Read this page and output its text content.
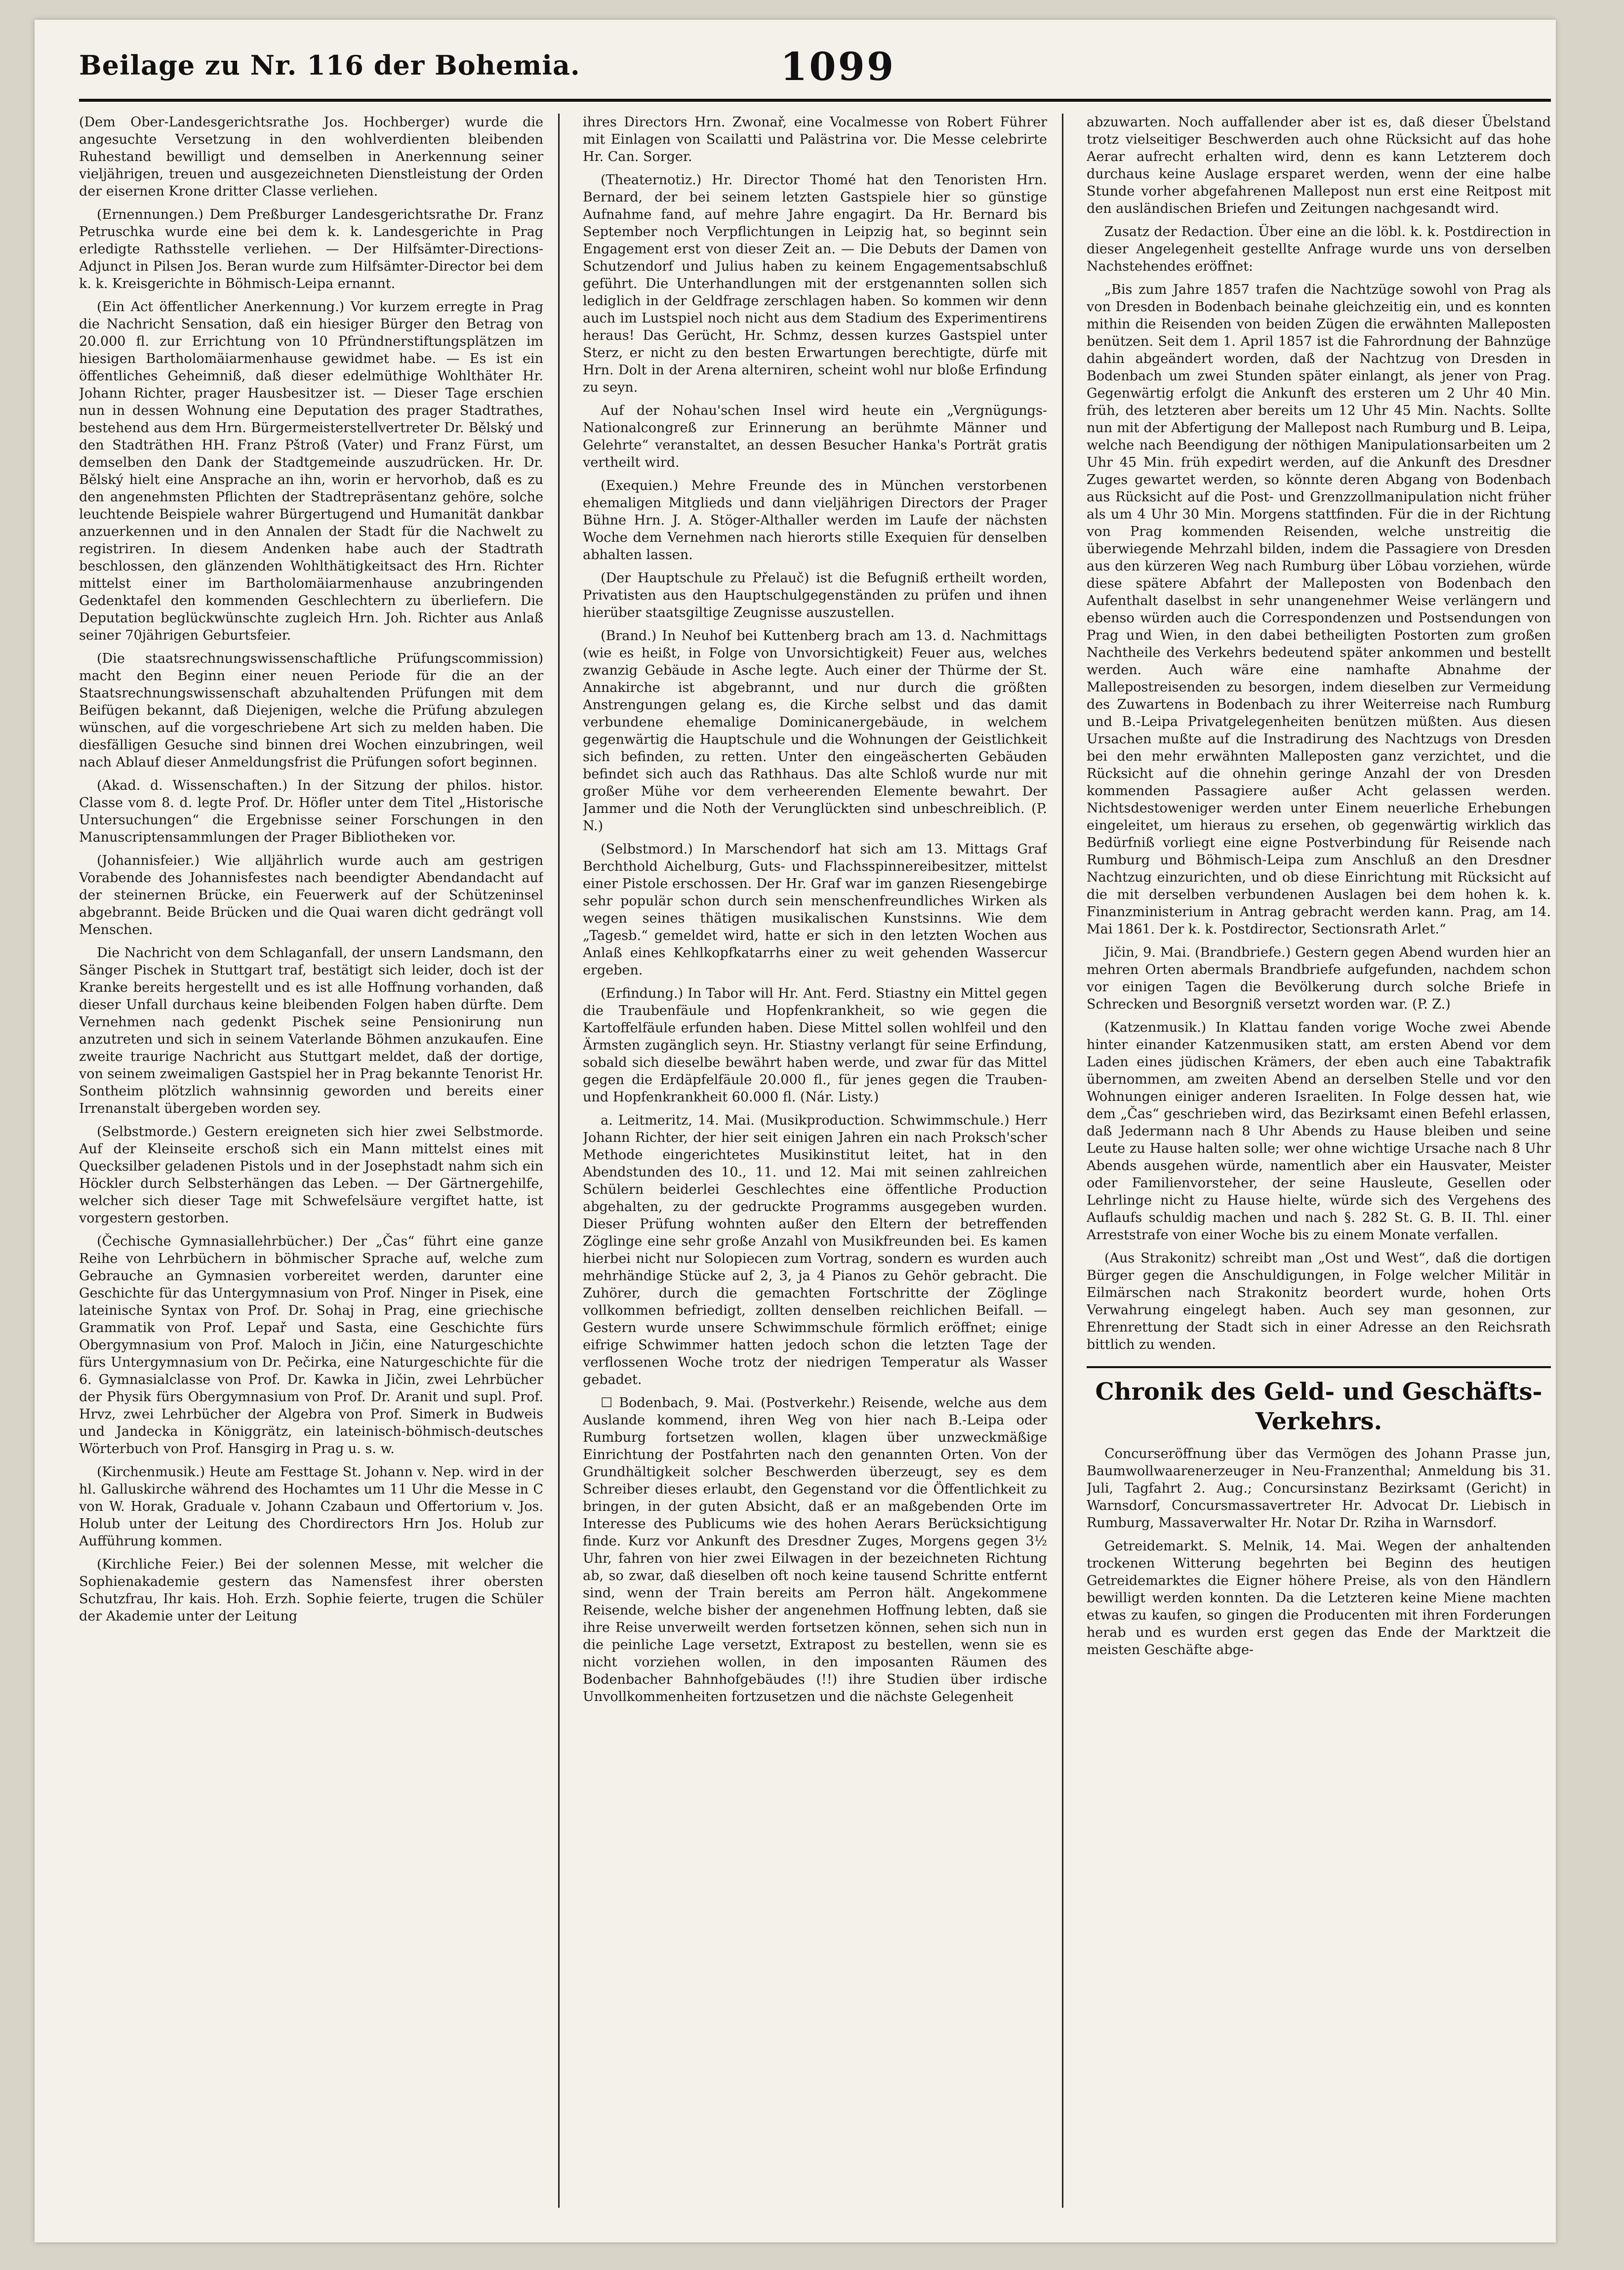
Beilage zu Nr. 116 der Bohemia.	1099

(Dem Ober-Landesgerichtsrathe Jos. Hochberger) wurde die angesuchte Versetzung in den wohlverdienten bleibenden Ruhestand bewilligt und demselben in Anerkennung seiner vieljährigen, treuen und ausgezeichneten Dienstleistung der Orden der eisernen Krone dritter Classe verliehen.

(Ernennungen.) Dem Preßburger Landesgerichtsrathe Dr. Franz Petruschka wurde eine bei dem k. k. Landesgerichte in Prag erledigte Rathsstelle verliehen. — Der Hilfsämter-Directions-Adjunct in Pilsen Jos. Beran wurde zum Hilfsämter-Director bei dem k. k. Kreisgerichte in Böhmisch-Leipa ernannt.

(Ein Act öffentlicher Anerkennung.) Vor kurzem erregte in Prag die Nachricht Sensation, daß ein hiesiger Bürger den Betrag von 20.000 fl. zur Errichtung von 10 Pfründnerstiftungsplätzen im hiesigen Bartholomäiarmenhause gewidmet habe. — Es ist ein öffentliches Geheimniß, daß dieser edelmüthige Wohlthäter Hr. Johann Richter, prager Hausbesitzer ist. — Dieser Tage erschien nun in dessen Wohnung eine Deputation des prager Stadtrathes, bestehend aus dem Hrn. Bürgermeisterstellvertreter Dr. Bělský und den Stadträthen HH. Franz Pštroß (Vater) und Franz Fürst, um demselben den Dank der Stadtgemeinde auszudrücken. Hr. Dr. Bělský hielt eine Ansprache an ihn, worin er hervorhob, daß es zu den angenehmsten Pflichten der Stadtrepräsentanz gehöre, solche leuchtende Beispiele wahrer Bürgertugend und Humanität dankbar anzuerkennen und in den Annalen der Stadt für die Nachwelt zu registriren. In diesem Andenken habe auch der Stadtrath beschlossen, den glänzenden Wohlthätigkeitsact des Hrn. Richter mittelst einer im Bartholomäiarmenhause anzubringenden Gedenktafel den kommenden Geschlechtern zu überliefern. Die Deputation beglückwünschte zugleich Hrn. Joh. Richter aus Anlaß seiner 70jährigen Geburtsfeier.

(Die staatsrechnungswissenschaftliche Prüfungscommission) macht den Beginn einer neuen Periode für die an der Staatsrechnungswissenschaft abzuhaltenden Prüfungen mit dem Beifügen bekannt, daß Diejenigen, welche die Prüfung abzulegen wünschen, auf die vorgeschriebene Art sich zu melden haben. Die diesfälligen Gesuche sind binnen drei Wochen einzubringen, weil nach Ablauf dieser Anmeldungsfrist die Prüfungen sofort beginnen.

(Akad. d. Wissenschaften.) In der Sitzung der philos. histor. Classe vom 8. d. legte Prof. Dr. Höfler unter dem Titel „Historische Untersuchungen“ die Ergebnisse seiner Forschungen in den Manuscriptensammlungen der Prager Bibliotheken vor.

(Johannisfeier.) Wie alljährlich wurde auch am gestrigen Vorabende des Johannisfestes nach beendigter Abendandacht auf der steinernen Brücke, ein Feuerwerk auf der Schützeninsel abgebrannt. Beide Brücken und die Quai waren dicht gedrängt voll Menschen.

Die Nachricht von dem Schlaganfall, der unsern Landsmann, den Sänger Pischek in Stuttgart traf, bestätigt sich leider, doch ist der Kranke bereits hergestellt und es ist alle Hoffnung vorhanden, daß dieser Unfall durchaus keine bleibenden Folgen haben dürfte. Dem Vernehmen nach gedenkt Pischek seine Pensionirung nun anzutreten und sich in seinem Vaterlande Böhmen anzukaufen. Eine zweite traurige Nachricht aus Stuttgart meldet, daß der dortige, von seinem zweimaligen Gastspiel her in Prag bekannte Tenorist Hr. Sontheim plötzlich wahnsinnig geworden und bereits einer Irrenanstalt übergeben worden sey.

(Selbstmorde.) Gestern ereigneten sich hier zwei Selbstmorde. Auf der Kleinseite erschoß sich ein Mann mittelst eines mit Quecksilber geladenen Pistols und in der Josephstadt nahm sich ein Höckler durch Selbsterhängen das Leben. — Der Gärtnergehilfe, welcher sich dieser Tage mit Schwefelsäure vergiftet hatte, ist vorgestern gestorben.

(Čechische Gymnasiallehrbücher.) Der „Čas“ führt eine ganze Reihe von Lehrbüchern in böhmischer Sprache auf, welche zum Gebrauche an Gymnasien vorbereitet werden, darunter eine Geschichte für das Untergymnasium von Prof. Ninger in Pisek, eine lateinische Syntax von Prof. Dr. Sohaj in Prag, eine griechische Grammatik von Prof. Lepař und Sasta, eine Geschichte fürs Obergymnasium von Prof. Maloch in Jičin, eine Naturgeschichte fürs Untergymnasium von Dr. Pečirka, eine Naturgeschichte für die 6. Gymnasialclasse von Prof. Dr. Kawka in Jičin, zwei Lehrbücher der Physik fürs Obergymnasium von Prof. Dr. Aranit und supl. Prof. Hrvz, zwei Lehrbücher der Algebra von Prof. Simerk in Budweis und Jandecka in Königgrätz, ein lateinisch-böhmisch-deutsches Wörterbuch von Prof. Hansgirg in Prag u. s. w.

(Kirchenmusik.) Heute am Festtage St. Johann v. Nep. wird in der hl. Galluskirche während des Hochamtes um 11 Uhr die Messe in C von W. Horak, Graduale v. Johann Czabaun und Offertorium v. Jos. Holub unter der Leitung des Chordirectors Hrn Jos. Holub zur Aufführung kommen.

(Kirchliche Feier.) Bei der solennen Messe, mit welcher die Sophienakademie gestern das Namensfest ihrer obersten Schutzfrau, Ihr kais. Hoh. Erzh. Sophie feierte, trugen die Schüler der Akademie unter der Leitung

ihres Directors Hrn. Zwonař, eine Vocalmesse von Robert Führer mit Einlagen von Scailatti und Palästrina vor. Die Messe celebrirte Hr. Can. Sorger.

(Theaternotiz.) Hr. Director Thomé hat den Tenoristen Hrn. Bernard, der bei seinem letzten Gastspiele hier so günstige Aufnahme fand, auf mehre Jahre engagirt. Da Hr. Bernard bis September noch Verpflichtungen in Leipzig hat, so beginnt sein Engagement erst von dieser Zeit an. — Die Debuts der Damen von Schutzendorf und Julius haben zu keinem Engagementsabschluß geführt. Die Unterhandlungen mit der erstgenannten sollen sich lediglich in der Geldfrage zerschlagen haben. So kommen wir denn auch im Lustspiel noch nicht aus dem Stadium des Experimentirens heraus! Das Gerücht, Hr. Schmz, dessen kurzes Gastspiel unter Sterz, er nicht zu den besten Erwartungen berechtigte, dürfe mit Hrn. Dolt in der Arena alterniren, scheint wohl nur bloße Erfindung zu seyn.

Auf der Nohau'schen Insel wird heute ein „Vergnügungs-Nationalcongreß zur Erinnerung an berühmte Männer und Gelehrte“ veranstaltet, an dessen Besucher Hanka's Porträt gratis vertheilt wird.

(Exequien.) Mehre Freunde des in München verstorbenen ehemaligen Mitglieds und dann vieljährigen Directors der Prager Bühne Hrn. J. A. Stöger-Althaller werden im Laufe der nächsten Woche dem Vernehmen nach hierorts stille Exequien für denselben abhalten lassen.

(Der Hauptschule zu Přelauč) ist die Befugniß ertheilt worden, Privatisten aus den Hauptschulgegenständen zu prüfen und ihnen hierüber staatsgiltige Zeugnisse auszustellen.

(Brand.) In Neuhof bei Kuttenberg brach am 13. d. Nachmittags (wie es heißt, in Folge von Unvorsichtigkeit) Feuer aus, welches zwanzig Gebäude in Asche legte. Auch einer der Thürme der St. Annakirche ist abgebrannt, und nur durch die größten Anstrengungen gelang es, die Kirche selbst und das damit verbundene ehemalige Dominicanergebäude, in welchem gegenwärtig die Hauptschule und die Wohnungen der Geistlichkeit sich befinden, zu retten. Unter den eingeäscherten Gebäuden befindet sich auch das Rathhaus. Das alte Schloß wurde nur mit großer Mühe vor dem verheerenden Elemente bewahrt. Der Jammer und die Noth der Verunglückten sind unbeschreiblich. (P. N.)

(Selbstmord.) In Marschendorf hat sich am 13. Mittags Graf Berchthold Aichelburg, Guts- und Flachsspinnereibesitzer, mittelst einer Pistole erschossen. Der Hr. Graf war im ganzen Riesengebirge sehr populär schon durch sein menschenfreundliches Wirken als wegen seines thätigen musikalischen Kunstsinns. Wie dem „Tagesb.“ gemeldet wird, hatte er sich in den letzten Wochen aus Anlaß eines Kehlkopfkatarrhs einer zu weit gehenden Wassercur ergeben.

(Erfindung.) In Tabor will Hr. Ant. Ferd. Stiastny ein Mittel gegen die Traubenfäule und Hopfenkrankheit, so wie gegen die Kartoffelfäule erfunden haben. Diese Mittel sollen wohlfeil und den Ärmsten zugänglich seyn. Hr. Stiastny verlangt für seine Erfindung, sobald sich dieselbe bewährt haben werde, und zwar für das Mittel gegen die Erdäpfelfäule 20.000 fl., für jenes gegen die Trauben- und Hopfenkrankheit 60.000 fl. (Nár. Listy.)

a. Leitmeritz, 14. Mai. (Musikproduction. Schwimmschule.) Herr Johann Richter, der hier seit einigen Jahren ein nach Proksch'scher Methode eingerichtetes Musikinstitut leitet, hat in den Abendstunden des 10., 11. und 12. Mai mit seinen zahlreichen Schülern beiderlei Geschlechtes eine öffentliche Production abgehalten, zu der gedruckte Programms ausgegeben wurden. Dieser Prüfung wohnten außer den Eltern der betreffenden Zöglinge eine sehr große Anzahl von Musikfreunden bei. Es kamen hierbei nicht nur Solopiecen zum Vortrag, sondern es wurden auch mehrhändige Stücke auf 2, 3, ja 4 Pianos zu Gehör gebracht. Die Zuhörer, durch die gemachten Fortschritte der Zöglinge vollkommen befriedigt, zollten denselben reichlichen Beifall. — Gestern wurde unsere Schwimmschule förmlich eröffnet; einige eifrige Schwimmer hatten jedoch schon die letzten Tage der verflossenen Woche trotz der niedrigen Temperatur als Wasser gebadet.

☐ Bodenbach, 9. Mai. (Postverkehr.) Reisende, welche aus dem Auslande kommend, ihren Weg von hier nach B.-Leipa oder Rumburg fortsetzen wollen, klagen über unzweckmäßige Einrichtung der Postfahrten nach den genannten Orten. Von der Grundhältigkeit solcher Beschwerden überzeugt, sey es dem Schreiber dieses erlaubt, den Gegenstand vor die Öffentlichkeit zu bringen, in der guten Absicht, daß er an maßgebenden Orte im Interesse des Publicums wie des hohen Aerars Berücksichtigung finde. Kurz vor Ankunft des Dresdner Zuges, Morgens gegen 3½ Uhr, fahren von hier zwei Eilwagen in der bezeichneten Richtung ab, so zwar, daß dieselben oft noch keine tausend Schritte entfernt sind, wenn der Train bereits am Perron hält. Angekommene Reisende, welche bisher der angenehmen Hoffnung lebten, daß sie ihre Reise unverweilt werden fortsetzen können, sehen sich nun in die peinliche Lage versetzt, Extrapost zu bestellen, wenn sie es nicht vorziehen wollen, in den imposanten Räumen des Bodenbacher Bahnhofgebäudes (!!) ihre Studien über irdische Unvollkommenheiten fortzusetzen und die nächste Gelegenheit

abzuwarten. Noch auffallender aber ist es, daß dieser Übelstand trotz vielseitiger Beschwerden auch ohne Rücksicht auf das hohe Aerar aufrecht erhalten wird, denn es kann Letzterem doch durchaus keine Auslage ersparet werden, wenn der eine halbe Stunde vorher abgefahrenen Mallepost nun erst eine Reitpost mit den ausländischen Briefen und Zeitungen nachgesandt wird.

Zusatz der Redaction. Über eine an die löbl. k. k. Postdirection in dieser Angelegenheit gestellte Anfrage wurde uns von derselben Nachstehendes eröffnet:

„Bis zum Jahre 1857 trafen die Nachtzüge sowohl von Prag als von Dresden in Bodenbach beinahe gleichzeitig ein, und es konnten mithin die Reisenden von beiden Zügen die erwähnten Malleposten benützen. Seit dem 1. April 1857 ist die Fahrordnung der Bahnzüge dahin abgeändert worden, daß der Nachtzug von Dresden in Bodenbach um zwei Stunden später einlangt, als jener von Prag. Gegenwärtig erfolgt die Ankunft des ersteren um 2 Uhr 40 Min. früh, des letzteren aber bereits um 12 Uhr 45 Min. Nachts. Sollte nun mit der Abfertigung der Mallepost nach Rumburg und B. Leipa, welche nach Beendigung der nöthigen Manipulationsarbeiten um 2 Uhr 45 Min. früh expedirt werden, auf die Ankunft des Dresdner Zuges gewartet werden, so könnte deren Abgang von Bodenbach aus Rücksicht auf die Post- und Grenzzollmanipulation nicht früher als um 4 Uhr 30 Min. Morgens stattfinden. Für die in der Richtung von Prag kommenden Reisenden, welche unstreitig die überwiegende Mehrzahl bilden, indem die Passagiere von Dresden aus den kürzeren Weg nach Rumburg über Löbau vorziehen, würde diese spätere Abfahrt der Malleposten von Bodenbach den Aufenthalt daselbst in sehr unangenehmer Weise verlängern und ebenso würden auch die Correspondenzen und Postsendungen von Prag und Wien, in den dabei betheiligten Postorten zum großen Nachtheile des Verkehrs bedeutend später ankommen und bestellt werden. Auch wäre eine namhafte Abnahme der Mallepostreisenden zu besorgen, indem dieselben zur Vermeidung des Zuwartens in Bodenbach zu ihrer Weiterreise nach Rumburg und B.-Leipa Privatgelegenheiten benützen müßten. Aus diesen Ursachen mußte auf die Instradirung des Nachtzugs von Dresden bei den mehr erwähnten Malleposten ganz verzichtet, und die Rücksicht auf die ohnehin geringe Anzahl der von Dresden kommenden Passagiere außer Acht gelassen werden. Nichtsdestoweniger werden unter Einem neuerliche Erhebungen eingeleitet, um hieraus zu ersehen, ob gegenwärtig wirklich das Bedürfniß vorliegt eine eigne Postverbindung für Reisende nach Rumburg und Böhmisch-Leipa zum Anschluß an den Dresdner Nachtzug einzurichten, und ob diese Einrichtung mit Rücksicht auf die mit derselben verbundenen Auslagen bei dem hohen k. k. Finanzministerium in Antrag gebracht werden kann. Prag, am 14. Mai 1861. Der k. k. Postdirector, Sectionsrath Arlet.“

Jičin, 9. Mai. (Brandbriefe.) Gestern gegen Abend wurden hier an mehren Orten abermals Brandbriefe aufgefunden, nachdem schon vor einigen Tagen die Bevölkerung durch solche Briefe in Schrecken und Besorgniß versetzt worden war. (P. Z.)

(Katzenmusik.) In Klattau fanden vorige Woche zwei Abende hinter einander Katzenmusiken statt, am ersten Abend vor dem Laden eines jüdischen Krämers, der eben auch eine Tabaktrafik übernommen, am zweiten Abend an derselben Stelle und vor den Wohnungen einiger anderen Israeliten. In Folge dessen hat, wie dem „Čas“ geschrieben wird, das Bezirksamt einen Befehl erlassen, daß Jedermann nach 8 Uhr Abends zu Hause bleiben und seine Leute zu Hause halten solle; wer ohne wichtige Ursache nach 8 Uhr Abends ausgehen würde, namentlich aber ein Hausvater, Meister oder Familienvorsteher, der seine Hausleute, Gesellen oder Lehrlinge nicht zu Hause hielte, würde sich des Vergehens des Auflaufs schuldig machen und nach §. 282 St. G. B. II. Thl. einer Arreststrafe von einer Woche bis zu einem Monate verfallen.

(Aus Strakonitz) schreibt man „Ost und West“, daß die dortigen Bürger gegen die Anschuldigungen, in Folge welcher Militär in Eilmärschen nach Strakonitz beordert wurde, hohen Orts Verwahrung eingelegt haben. Auch sey man gesonnen, zur Ehrenrettung der Stadt sich in einer Adresse an den Reichsrath bittlich zu wenden.

Chronik des Geld- und Geschäfts-Verkehrs.

Concurseröffnung über das Vermögen des Johann Prasse jun, Baumwollwaarenerzeuger in Neu-Franzenthal; Anmeldung bis 31. Juli, Tagfahrt 2. Aug.; Concursinstanz Bezirksamt (Gericht) in Warnsdorf, Concursmassavertreter Hr. Advocat Dr. Liebisch in Rumburg, Massaverwalter Hr. Notar Dr. Rziha in Warnsdorf.

Getreidemarkt. S. Melnik, 14. Mai. Wegen der anhaltenden trockenen Witterung begehrten bei Beginn des heutigen Getreidemarktes die Eigner höhere Preise, als von den Händlern bewilligt werden konnten. Da die Letzteren keine Miene machten etwas zu kaufen, so gingen die Producenten mit ihren Forderungen herab und es wurden erst gegen das Ende der Marktzeit die meisten Geschäfte abge-
